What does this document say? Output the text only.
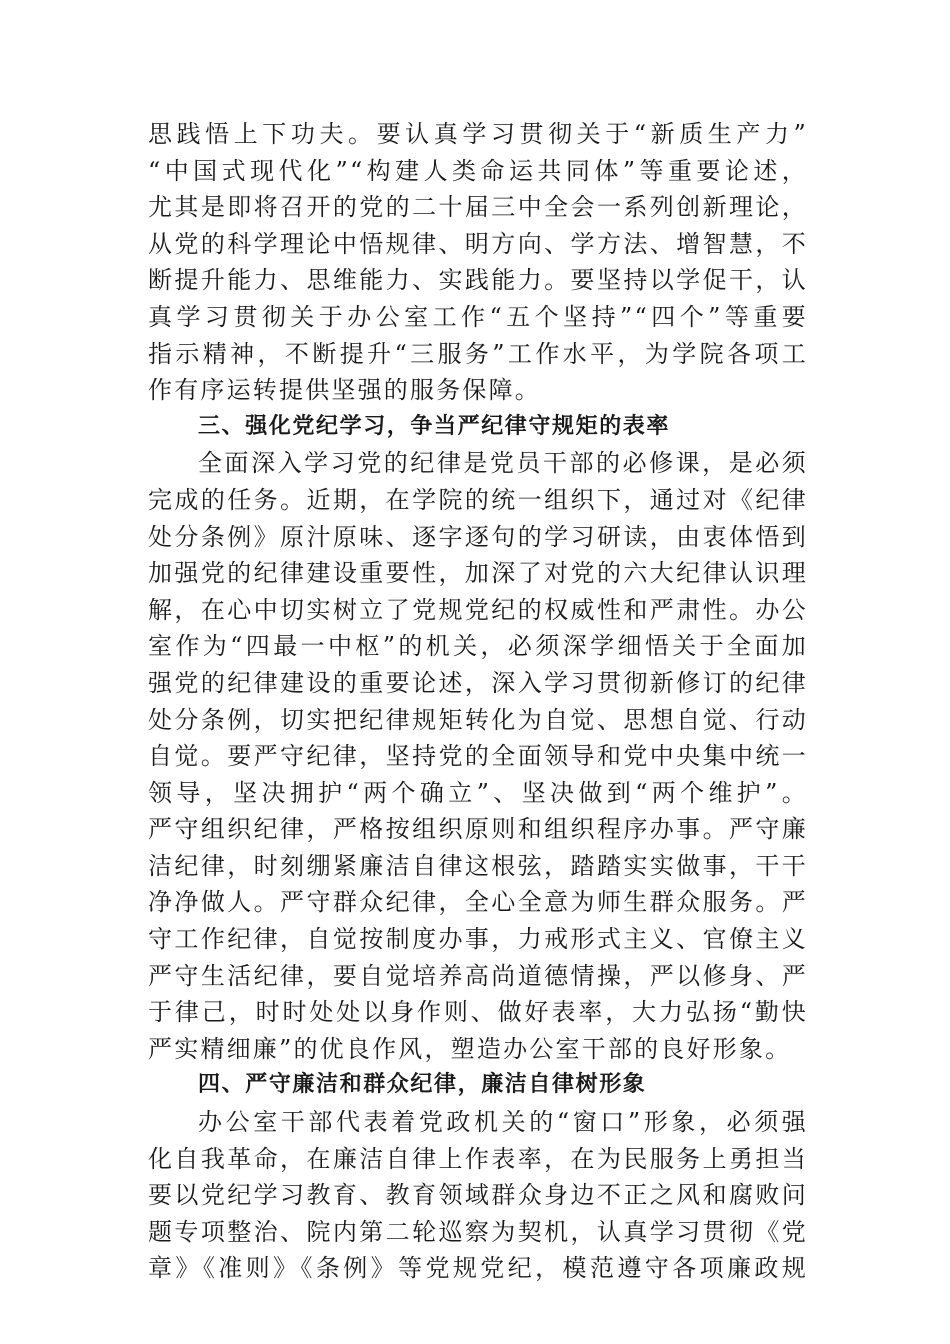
思践悟上下功夫。要认真学习贯彻关于“新质生产力”
“中国式现代化”“构建人类命运共同体”等重要论述，
尤其是即将召开的党的二十届三中全会一系列创新理论，
从党的科学理论中悟规律、明方向、学方法、增智慧，不
断提升能力、思维能力、实践能力。要坚持以学促干，认
真学习贯彻关于办公室工作“五个坚持”“四个”等重要
指示精神，不断提升“三服务”工作水平，为学院各项工
作有序运转提供坚强的服务保障。
三、强化党纪学习，争当严纪律守规矩的表率
全面深入学习党的纪律是党员干部的必修课，是必须
完成的任务。近期，在学院的统一组织下，通过对《纪律
处分条例》原汁原味、逐字逐句的学习研读，由衷体悟到
加强党的纪律建设重要性，加深了对党的六大纪律认识理
解，在心中切实树立了党规党纪的权威性和严肃性。办公
室作为“四最一中枢”的机关，必须深学细悟关于全面加
强党的纪律建设的重要论述，深入学习贯彻新修订的纪律
处分条例，切实把纪律规矩转化为自觉、思想自觉、行动
自觉。要严守纪律，坚持党的全面领导和党中央集中统一
领导，坚决拥护“两个确立”、坚决做到“两个维护”。
严守组织纪律，严格按组织原则和组织程序办事。严守廉
洁纪律，时刻绷紧廉洁自律这根弦，踏踏实实做事，干干
净净做人。严守群众纪律，全心全意为师生群众服务。严
守工作纪律，自觉按制度办事，力戒形式主义、官僚主义
严守生活纪律，要自觉培养高尚道德情操，严以修身、严
于律己，时时处处以身作则、做好表率，大力弘扬“勤快
严实精细廉”的优良作风，塑造办公室干部的良好形象。
四、严守廉洁和群众纪律，廉洁自律树形象
办公室干部代表着党政机关的“窗口”形象，必须强
化自我革命，在廉洁自律上作表率，在为民服务上勇担当
要以党纪学习教育、教育领域群众身边不正之风和腐败问
题专项整治、院内第二轮巡察为契机，认真学习贯彻《党
章》《准则》《条例》等党规党纪，模范遵守各项廉政规
